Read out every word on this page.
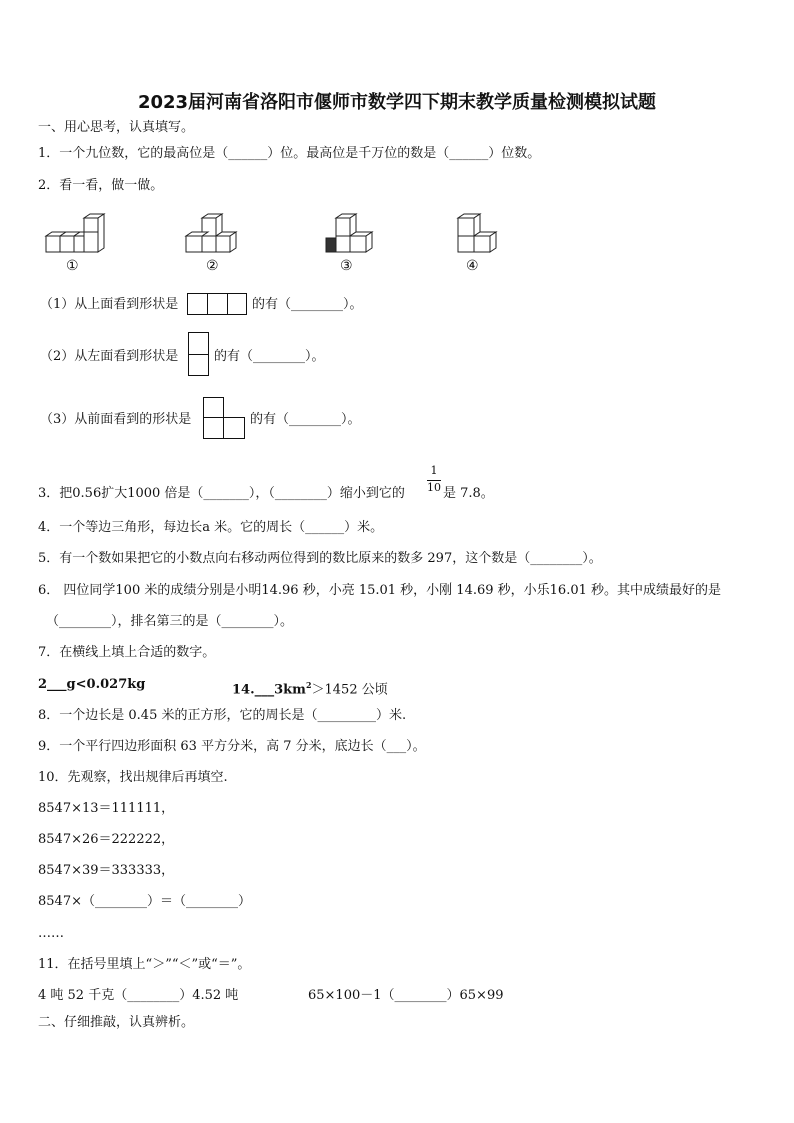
2023届河南省洛阳市偃师市数学四下期末教学质量检测模拟试题
一、用心思考，认真填写。
1．一个九位数，它的最高位是（______）位。最高位是千万位的数是（______）位数。
2．看一看，做一做。
①	②	③	④
（1）从上面看到形状是	的有（________）。
（2）从左面看到形状是	的有（________）。
（3）从前面看到的形状是	的有（________）。
3．把0.56扩大1000 倍是（_______），（________）缩小到它的
1
10 是 7.8。
4．一个等边三角形，每边长a 米。它的周长（______）米。
5．有一个数如果把它的小数点向右移动两位得到的数比原来的数多 297，这个数是（________）。
6． 四位同学100 米的成绩分别是小明14.96 秒，小亮 15.01 秒，小刚 14.69 秒，小乐16.01 秒。其中成绩最好的是
（________），排名第三的是（________）。
7．在横线上填上合适的数字。
2___g<0.027kg	$14.\_\_\_3km^2>1452$ 公顷
8．一个边长是 0.45 米的正方形，它的周长是（_________）米.
9．一个平行四边形面积 63 平方分米，高 7 分米，底边长（___）。
10．先观察，找出规律后再填空.
8547×13＝111111，
8547×26＝222222，
8547×39＝333333，
8547×（________）＝（________）
……
11．在括号里填上“＞”“＜”或“＝”。
4 吨 52 千克（________）4.52 吨	65×100－1（________）65×99
二、仔细推敲，认真辨析。
